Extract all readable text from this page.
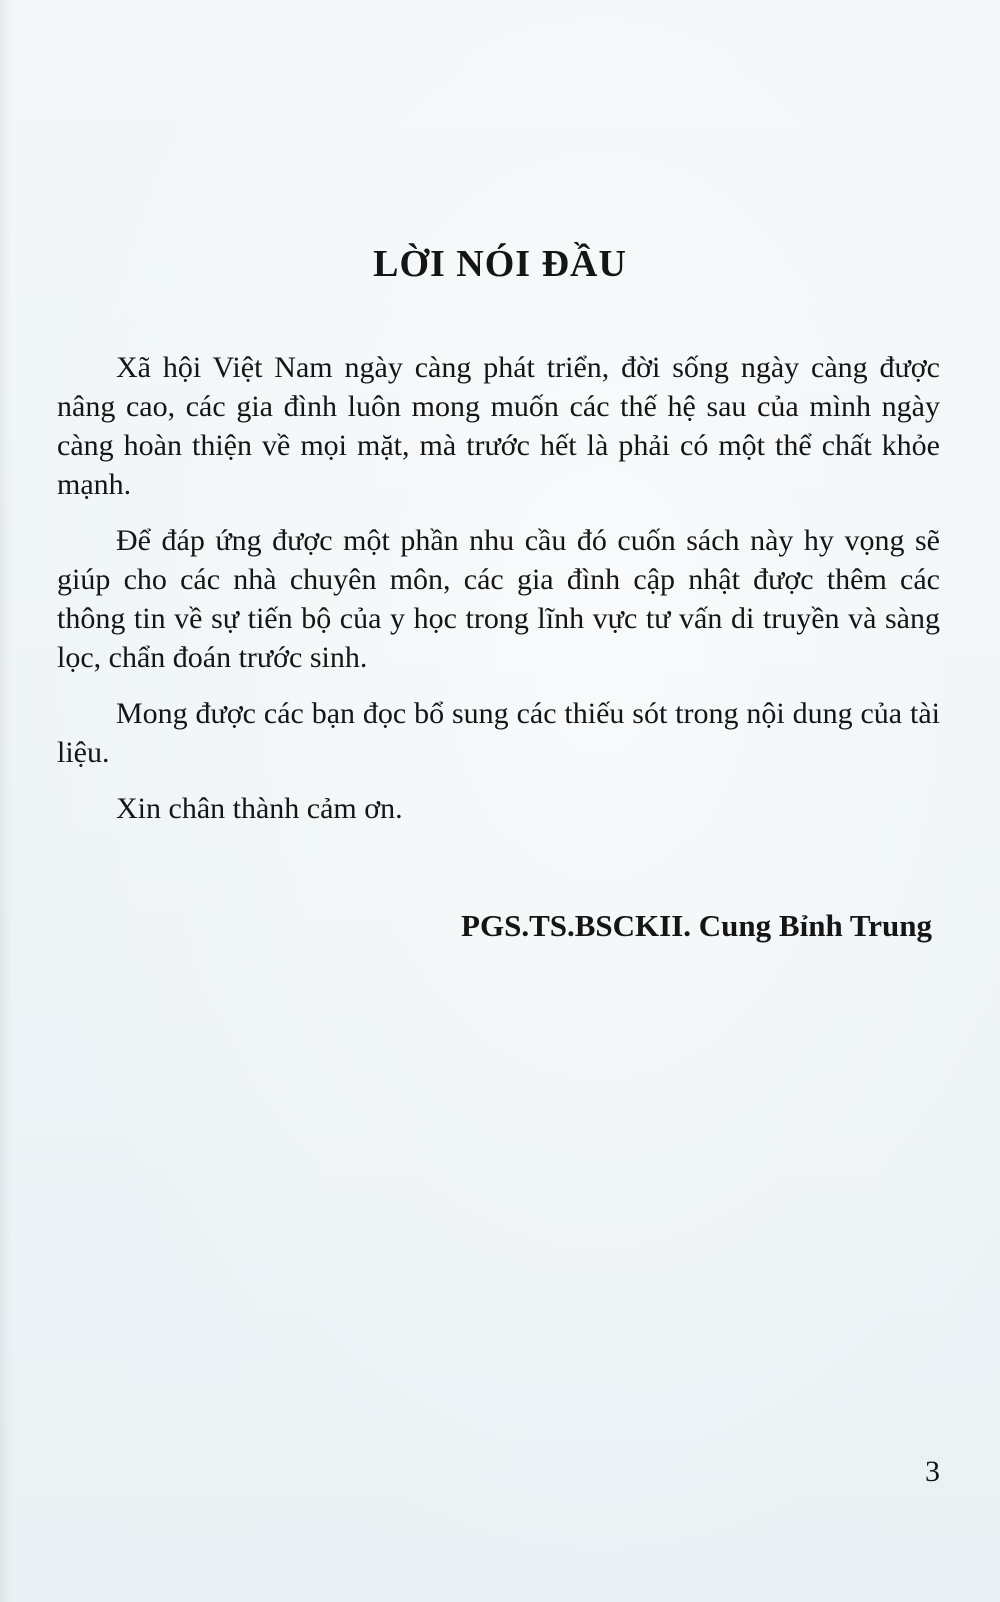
LỜI NÓI ĐẦU

Xã hội Việt Nam ngày càng phát triển, đời sống ngày càng được nâng cao, các gia đình luôn mong muốn các thế hệ sau của mình ngày càng hoàn thiện về mọi mặt, mà trước hết là phải có một thể chất khỏe mạnh.

Để đáp ứng được một phần nhu cầu đó cuốn sách này hy vọng sẽ giúp cho các nhà chuyên môn, các gia đình cập nhật được thêm các thông tin về sự tiến bộ của y học trong lĩnh vực tư vấn di truyền và sàng lọc, chẩn đoán trước sinh.

Mong được các bạn đọc bổ sung các thiếu sót trong nội dung của tài liệu.

Xin chân thành cảm ơn.

PGS.TS.BSCKII. Cung Bỉnh Trung

3
